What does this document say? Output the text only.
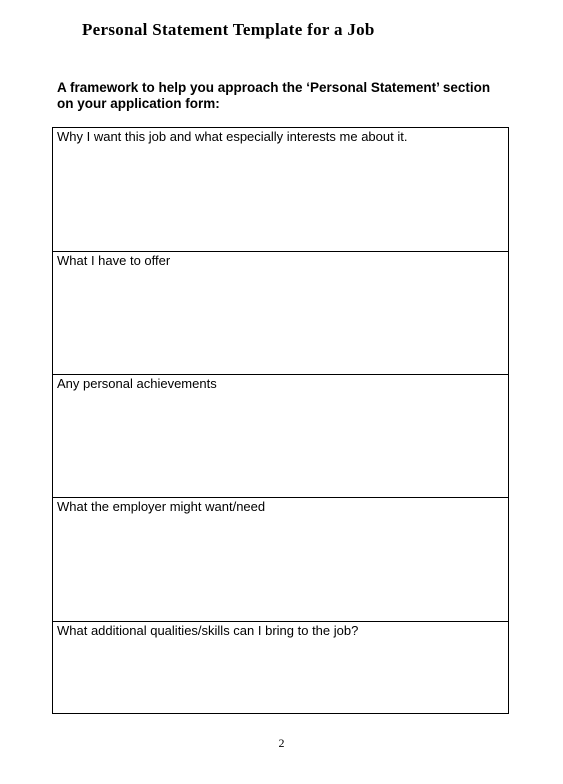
Personal Statement Template for a Job
A framework to help you approach the ‘Personal Statement’ section
on your application form:
Why I want this job and what especially interests me about it.
What I have to offer
Any personal achievements
What the employer might want/need
What additional qualities/skills can I bring to the job?
2
